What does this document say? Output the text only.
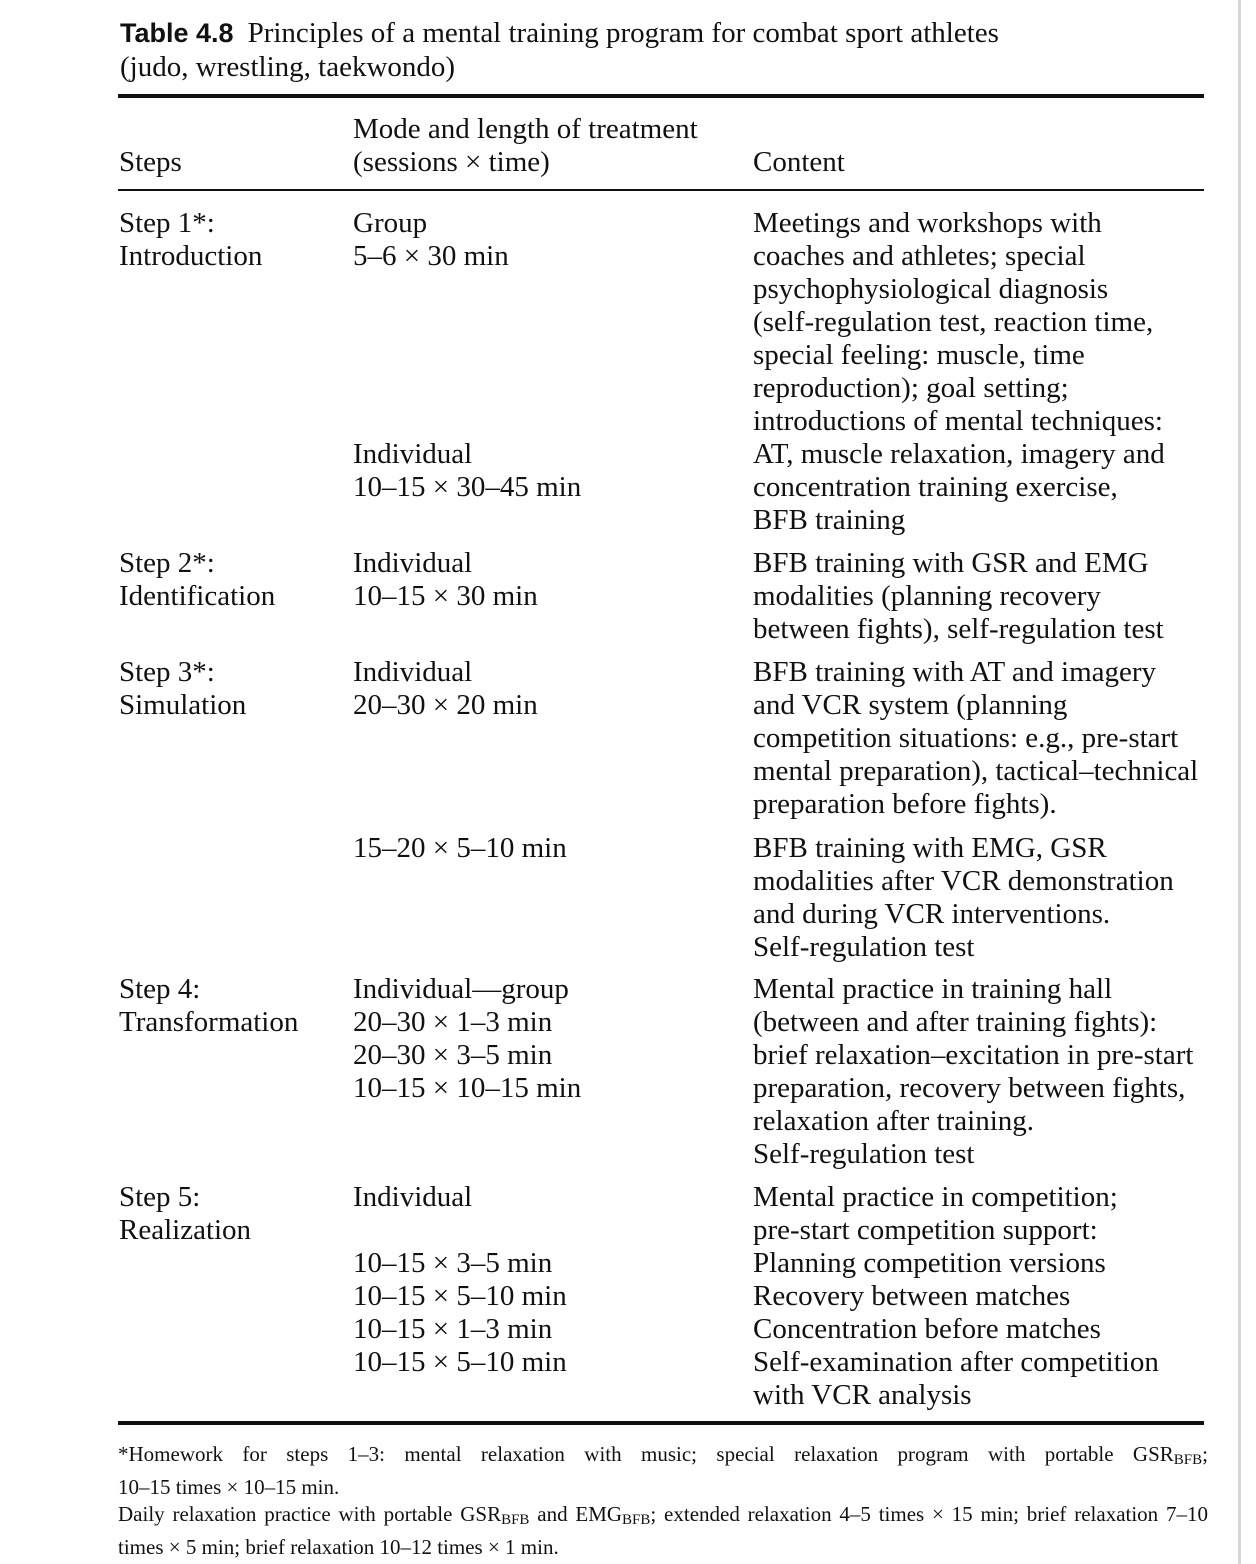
Table 4.8 Principles of a mental training program for combat sport athletes
(judo, wrestling, taekwondo)
Steps
Mode and length of treatment
(sessions × time)	Content
Step 1*:
Introduction
Group
5–6 × 30 min
Individual
10–15 × 30–45 min
Meetings and workshops with
coaches and athletes; special
psychophysiological diagnosis
(self-regulation test, reaction time,
special feeling: muscle, time
reproduction); goal setting;
introductions of mental techniques:
AT, muscle relaxation, imagery and
concentration training exercise,
BFB training
Step 2*:
Identification
Individual
10–15 × 30 min
BFB training with GSR and EMG
modalities (planning recovery
between fights), self-regulation test
Step 3*:
Simulation
Individual
20–30 × 20 min
BFB training with AT and imagery
and VCR system (planning
competition situations: e.g., pre-start
mental preparation), tactical–technical
preparation before fights).
15–20 × 5–10 min	BFB training with EMG, GSR
modalities after VCR demonstration
and during VCR interventions.
Self-regulation test
Step 4:
Transformation
Individual—group
20–30 × 1–3 min
20–30 × 3–5 min
10–15 × 10–15 min
Mental practice in training hall
(between and after training fights):
brief relaxation–excitation in pre-start
preparation, recovery between fights,
relaxation after training.
Self-regulation test
Step 5:
Realization
Individual
10–15 × 3–5 min
10–15 × 5–10 min
10–15 × 1–3 min
10–15 × 5–10 min
Mental practice in competition;
pre-start competition support:
Planning competition versions
Recovery between matches
Concentration before matches
Self-examination after competition
with VCR analysis

*Homework for steps 1–3: mental relaxation with music; special relaxation program with portable $GSR_{BFB}$;

10–15 times × 10–15 min.

Daily relaxation practice with portable $GSR_{BFB}$ and $EMG_{BFB}$; extended relaxation 4–5 times × 15 min; brief relaxation 7–10 times × 5 min; brief relaxation 10–12 times × 1 min.
